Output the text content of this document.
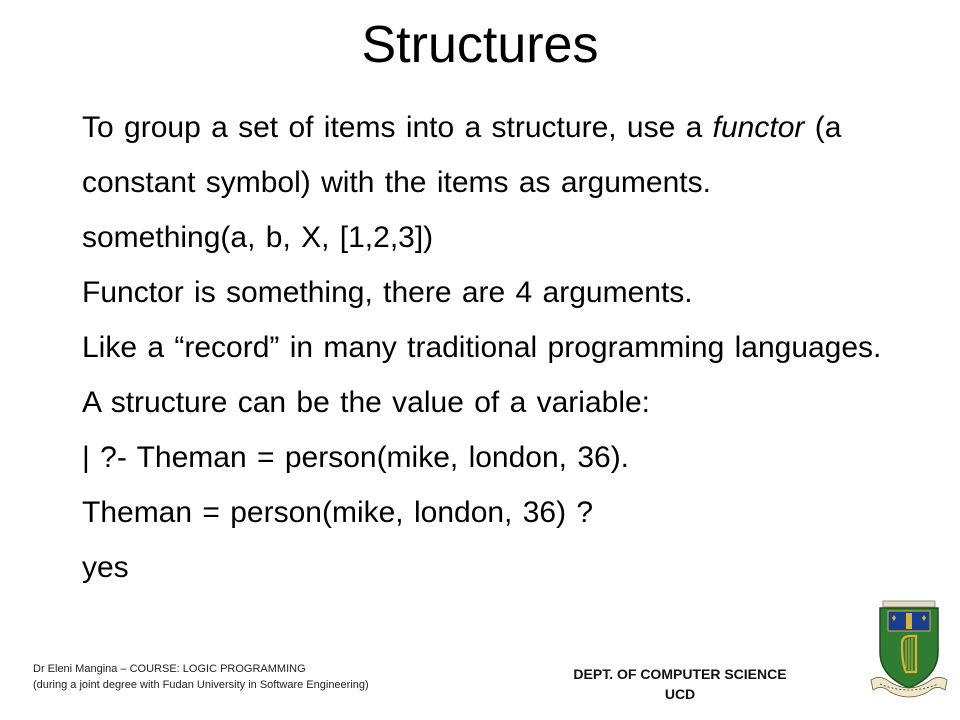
Structures

To group a set of items into a structure, use a functor (a

constant symbol) with the items as arguments.

something(a, b, X, [1,2,3])

Functor is something, there are 4 arguments.

Like a “record” in many traditional programming languages.

A structure can be the value of a variable:

| ?- Theman = person(mike, london, 36).

Theman = person(mike, london, 36) ?

yes

Dr Eleni Mangina – COURSE: LOGIC PROGRAMMING
(during a joint degree with Fudan University in Software Engineering)
DEPT. OF COMPUTER SCIENCE
UCD
